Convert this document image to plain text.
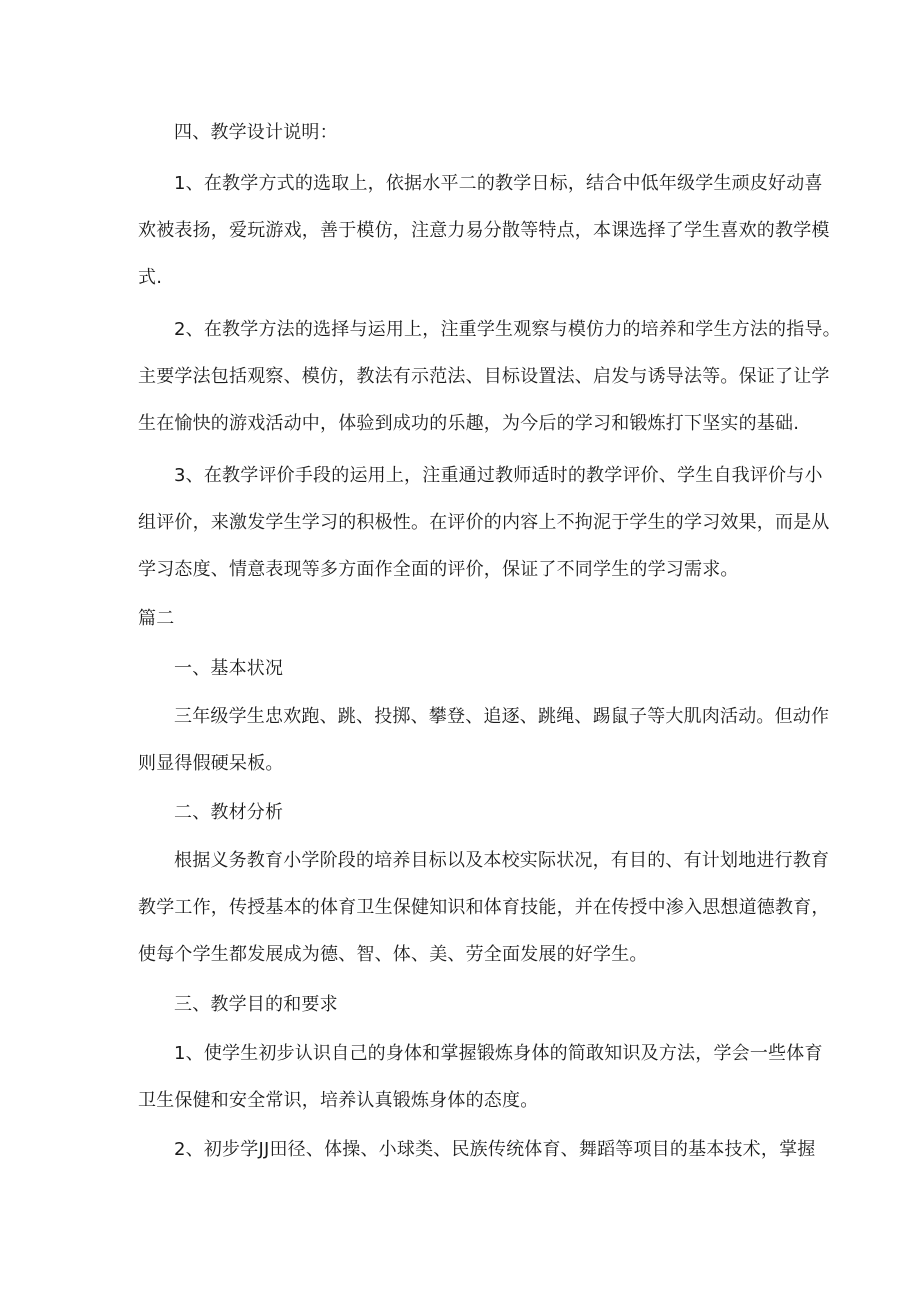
四、教学设计说明：
1、在教学方式的选取上，依据水平二的教学日标，结合中低年级学生顽皮好动喜
欢被表扬，爱玩游戏，善于模仿，注意力易分散等特点，本课选择了学生喜欢的教学模
式.
2、在教学方法的选择与运用上，注重学生观察与模仿力的培养和学生方法的指导。
主要学法包括观察、模仿，教法有示范法、目标设置法、启发与诱导法等。保证了让学
生在愉快的游戏活动中，体验到成功的乐趣，为今后的学习和锻炼打下坚实的基础.
3、在教学评价手段的运用上，注重通过教师适时的教学评价、学生自我评价与小
组评价，来激发学生学习的积极性。在评价的内容上不拘泥于学生的学习效果，而是从
学习态度、情意表现等多方面作全面的评价，保证了不同学生的学习需求。
篇二
一、基本状况
三年级学生忠欢跑、跳、投掷、攀登、追逐、跳绳、踢鼠子等大肌肉活动。但动作
则显得假硬呆板。
二、教材分析
根据义务教育小学阶段的培养目标以及本校实际状况，有目的、有计划地进行教育
教学工作，传授基本的体育卫生保健知识和体育技能，并在传授中渗入思想道德教育，
使每个学生都发展成为德、智、体、美、劳全面发展的好学生。
三、教学目的和要求
1、使学生初步认识自己的身体和掌握锻炼身体的简敢知识及方法，学会一些体育
卫生保健和安全常识，培养认真锻炼身体的态度。
2、初步学JJ田径、体操、小球类、民族传统体育、舞蹈等项目的基本技术，掌握
